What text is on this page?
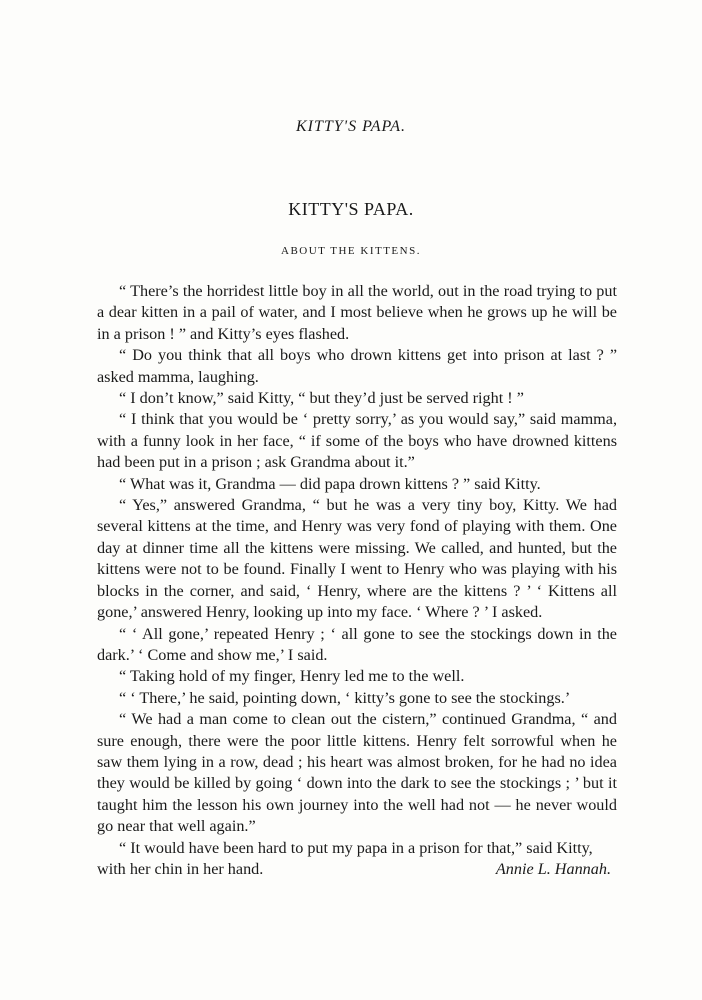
KITTY'S PAPA.
KITTY'S PAPA.
ABOUT THE KITTENS.

“ There’s the horridest little boy in all the world, out in the road trying to put a dear kitten in a pail of water, and I most believe when he grows up he will be in a prison ! ” and Kitty’s eyes flashed.

“ Do you think that all boys who drown kittens get into prison at last ? ” asked mamma, laughing.

“ I don’t know,” said Kitty, “ but they’d just be served right ! ”

“ I think that you would be ‘ pretty sorry,’ as you would say,” said mamma, with a funny look in her face, “ if some of the boys who have drowned kittens had been put in a prison ; ask Grandma about it.”

“ What was it, Grandma — did papa drown kittens ? ” said Kitty.

“ Yes,” answered Grandma, “ but he was a very tiny boy, Kitty. We had several kittens at the time, and Henry was very fond of playing with them. One day at dinner time all the kittens were missing. We called, and hunted, but the kittens were not to be found. Finally I went to Henry who was playing with his blocks in the corner, and said, ‘ Henry, where are the kittens ? ’ ‘ Kittens all gone,’ answered Henry, looking up into my face. ‘ Where ? ’ I asked.

“ ‘ All gone,’ repeated Henry ; ‘ all gone to see the stockings down in the dark.’ ‘ Come and show me,’ I said.

“ Taking hold of my finger, Henry led me to the well.

“ ‘ There,’ he said, pointing down, ‘ kitty’s gone to see the stockings.’

“ We had a man come to clean out the cistern,” continued Grandma, “ and sure enough, there were the poor little kittens. Henry felt sorrowful when he saw them lying in a row, dead ; his heart was almost broken, for he had no idea they would be killed by going ‘ down into the dark to see the stockings ; ’ but it taught him the lesson his own journey into the well had not — he never would go near that well again.”

“ It would have been hard to put my papa in a prison for that,” said Kitty, with her chin in her hand.	Annie L. Hannah.
